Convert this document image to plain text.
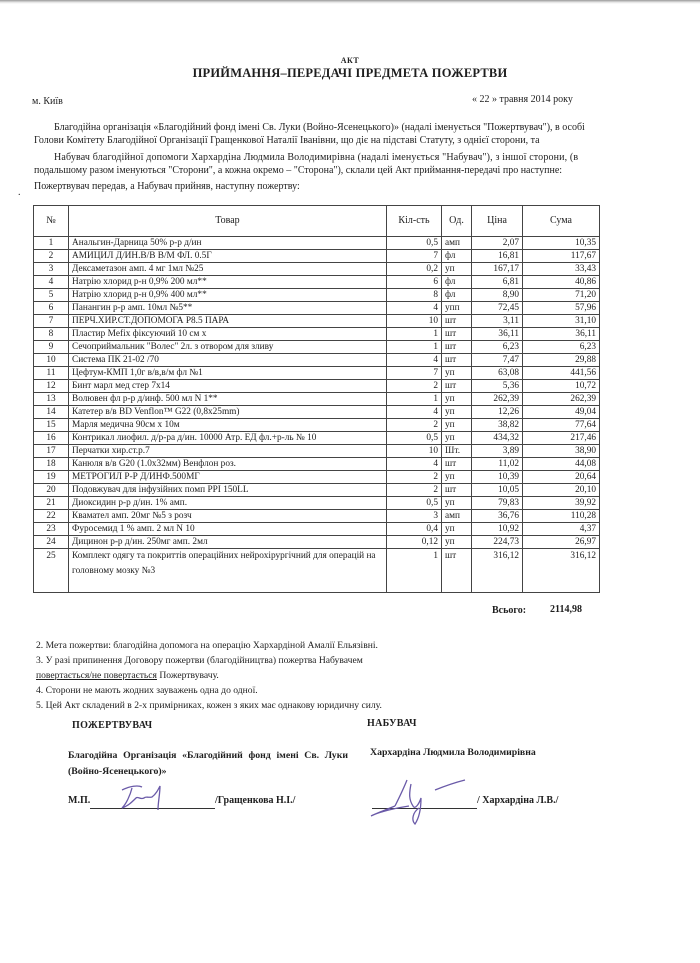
АКТ
ПРИЙМАННЯ–ПЕРЕДАЧІ ПРЕДМЕТА ПОЖЕРТВИ
м. Київ	« 22 » травня 2014 року
Благодійна організація «Благодійний фонд імені Св. Луки (Войно-Ясенецького)» (надалі іменується "Пожертвувач"), в особі
Голови Комітету Благодійної Організації Гращенкової Наталії Іванівни, що діє на підставі Статуту, з однієї сторони, та
Набувач благодійної допомоги Хархардіна Людмила Володимирівна (надалі іменується "Набувач"), з іншої сторони, (в
подальшому разом іменуються "Сторони", а кожна окремо – "Сторона"), склали цей Акт приймання-передачі про наступне:
Пожертвувач передав, а Набувач прийняв, наступну пожертву:
.
№	Товар	Кіл-сть	Од.	Ціна	Сума
1	Анальгин-Дарница 50% р-р д/ин	0,5	амп	2,07	10,35
2	АМИЦИЛ Д/ИН.В/В В/М ФЛ. 0.5Г	7	фл	16,81	117,67
3	Дексаметазон амп. 4 мг 1мл №25	0,2	уп	167,17	33,43
4	Натрію хлорид р-н 0,9% 200 мл**	6	фл	6,81	40,86
5	Натрію хлорид р-н 0,9% 400 мл**	8	фл	8,90	71,20
6	Панангин р-р амп. 10мл №5**	4	упп	72,45	57,96
7	ПЕРЧ.ХИР.СТ.ДОПОМОГА Р8.5 ПАРА	10	шт	3,11	31,10
8	Пластир Mefix фіксуючий 10 см х	1	шт	36,11	36,11
9	Сечоприймальник "Волес" 2л. з отвором для зливу	1	шт	6,23	6,23
10	Система ПК 21-02 /70	4	шт	7,47	29,88
11	Цефтум-КМП 1,0г в/в,в/м фл №1	7	уп	63,08	441,56
12	Бинт марл мед стер 7х14	2	шт	5,36	10,72
13	Волювен фл р-р д/инф. 500 мл N 1**	1	уп	262,39	262,39
14	Катетер в/в BD Venflon™ G22 (0,8x25mm)	4	уп	12,26	49,04
15	Марля медична 90см х 10м	2	уп	38,82	77,64
16	Контрикал лиофил. д/р-ра д/ин. 10000 Атр. ЕД фл.+р-ль № 10	0,5	уп	434,32	217,46
17	Перчатки хир.ст.р.7	10	Шт.	3,89	38,90
18	Канюля в/в G20 (1.0x32мм) Венфлон роз.	4	шт	11,02	44,08
19	МЕТРОГИЛ Р-Р Д/ИНФ.500МГ	2	уп	10,39	20,64
20	Подовжувач для інфузійних помп PPI 150LL	2	шт	10,05	20,10
21	Диоксидин р-р д/ин. 1% амп.	0,5	уп	79,83	39,92
22	Квамател амп. 20мг №5 з розч	3	амп	36,76	110,28
23	Фуросемид 1 % амп. 2 мл N 10	0,4	уп	10,92	4,37
24	Дицинон р-р д/ин. 250мг амп. 2мл	0,12	уп	224,73	26,97
25	Комплект одягу та покриттів операційних нейрохірургічний для операцій на головному мозку №3	1	шт	316,12	316,12
Всього: 2114,98
2. Мета пожертви: благодійна допомога на операцію Хархардіной Амалії Ельязівні.
3. У разі припинення Договору пожертви (благодійництва) пожертва Набувачем
повертається/не повертається Пожертвувачу.
4. Сторони не мають жодних зауважень одна до одної.
5. Цей Акт складений в 2-х примірниках, кожен з яких має однакову юридичну силу.
ПОЖЕРТВУВАЧ	НАБУВАЧ
Благодійна Організація «Благодійний фонд імені Св. Луки (Войно-Ясенецького)»
Хархардіна Людмила Володимирівна
М.П.	/Гращенкова Н.І./	/ Хархардіна Л.В./
